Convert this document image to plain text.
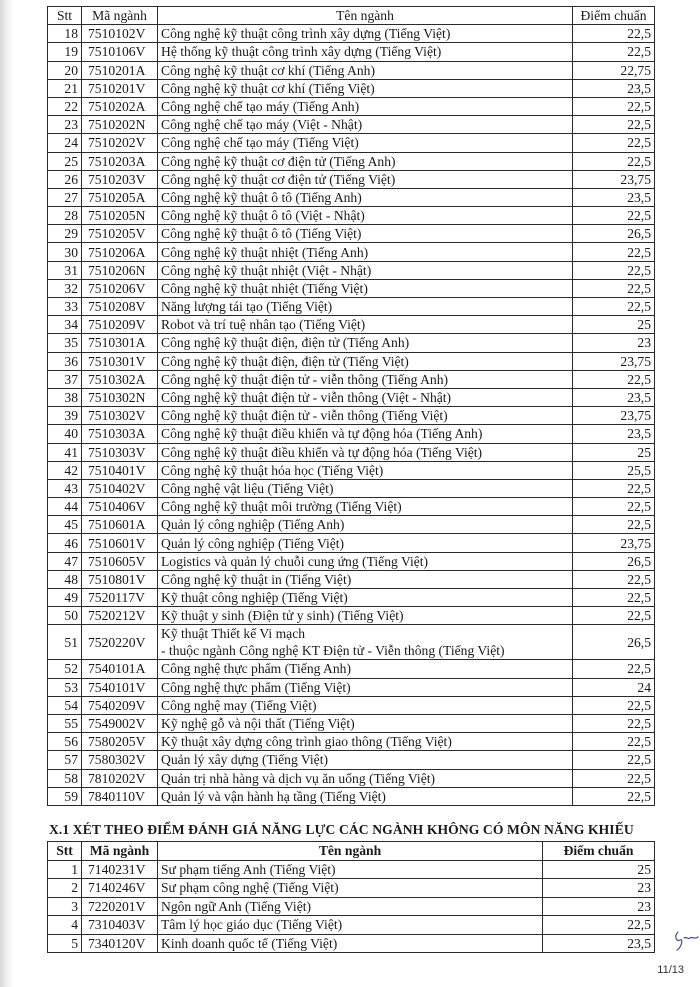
Stt	Mã ngành	Tên ngành	Điểm chuẩn
18	7510102V	Công nghệ kỹ thuật công trình xây dựng (Tiếng Việt)	22,5
19	7510106V	Hệ thống kỹ thuật công trình xây dựng (Tiếng Việt)	22,5
20	7510201A	Công nghệ kỹ thuật cơ khí (Tiếng Anh)	22,75
21	7510201V	Công nghệ kỹ thuật cơ khí (Tiếng Việt)	23,5
22	7510202A	Công nghệ chế tạo máy (Tiếng Anh)	22,5
23	7510202N	Công nghệ chế tạo máy (Việt - Nhật)	22,5
24	7510202V	Công nghệ chế tạo máy (Tiếng Việt)	22,5
25	7510203A	Công nghệ kỹ thuật cơ điện tử (Tiếng Anh)	22,5
26	7510203V	Công nghệ kỹ thuật cơ điện tử (Tiếng Việt)	23,75
27	7510205A	Công nghệ kỹ thuật ô tô (Tiếng Anh)	23,5
28	7510205N	Công nghệ kỹ thuật ô tô (Việt - Nhật)	22,5
29	7510205V	Công nghệ kỹ thuật ô tô (Tiếng Việt)	26,5
30	7510206A	Công nghệ kỹ thuật nhiệt (Tiếng Anh)	22,5
31	7510206N	Công nghệ kỹ thuật nhiệt (Việt - Nhật)	22,5
32	7510206V	Công nghệ kỹ thuật nhiệt (Tiếng Việt)	22,5
33	7510208V	Năng lượng tái tạo (Tiếng Việt)	22,5
34	7510209V	Robot và trí tuệ nhân tạo (Tiếng Việt)	25
35	7510301A	Công nghệ kỹ thuật điện, điện tử (Tiếng Anh)	23
36	7510301V	Công nghệ kỹ thuật điện, điện tử (Tiếng Việt)	23,75
37	7510302A	Công nghệ kỹ thuật điện tử - viễn thông (Tiếng Anh)	22,5
38	7510302N	Công nghệ kỹ thuật điện tử - viễn thông (Việt - Nhật)	23,5
39	7510302V	Công nghệ kỹ thuật điện tử - viễn thông (Tiếng Việt)	23,75
40	7510303A	Công nghệ kỹ thuật điều khiển và tự động hóa (Tiếng Anh)	23,5
41	7510303V	Công nghệ kỹ thuật điều khiển và tự động hóa (Tiếng Việt)	25
42	7510401V	Công nghệ kỹ thuật hóa học (Tiếng Việt)	25,5
43	7510402V	Công nghệ vật liệu (Tiếng Việt)	22,5
44	7510406V	Công nghệ kỹ thuật môi trường (Tiếng Việt)	22,5
45	7510601A	Quản lý công nghiệp (Tiếng Anh)	22,5
46	7510601V	Quản lý công nghiệp (Tiếng Việt)	23,75
47	7510605V	Logistics và quản lý chuỗi cung ứng (Tiếng Việt)	26,5
48	7510801V	Công nghệ kỹ thuật in (Tiếng Việt)	22,5
49	7520117V	Kỹ thuật công nghiệp (Tiếng Việt)	22,5
50	7520212V	Kỹ thuật y sinh (Điện tử y sinh) (Tiếng Việt)	22,5
51	7520220V	Kỹ thuật Thiết kế Vi mạch
- thuộc ngành Công nghệ KT Điện tử - Viễn thông (Tiếng Việt)	26,5
52	7540101A	Công nghệ thực phẩm (Tiếng Anh)	22,5
53	7540101V	Công nghệ thực phẩm (Tiếng Việt)	24
54	7540209V	Công nghệ may (Tiếng Việt)	22,5
55	7549002V	Kỹ nghệ gỗ và nội thất (Tiếng Việt)	22,5
56	7580205V	Kỹ thuật xây dựng công trình giao thông (Tiếng Việt)	22,5
57	7580302V	Quản lý xây dựng (Tiếng Việt)	22,5
58	7810202V	Quản trị nhà hàng và dịch vụ ăn uống (Tiếng Việt)	22,5
59	7840110V	Quản lý và vận hành hạ tầng (Tiếng Việt)	22,5
X.1 XÉT THEO ĐIỂM ĐÁNH GIÁ NĂNG LỰC CÁC NGÀNH KHÔNG CÓ MÔN NĂNG KHIẾU
Stt	Mã ngành	Tên ngành	Điểm chuẩn
1	7140231V	Sư phạm tiếng Anh (Tiếng Việt)	25
2	7140246V	Sư phạm công nghệ (Tiếng Việt)	23
3	7220201V	Ngôn ngữ Anh (Tiếng Việt)	23
4	7310403V	Tâm lý học giáo dục (Tiếng Việt)	22,5
5	7340120V	Kinh doanh quốc tế (Tiếng Việt)	23,5
11/13
